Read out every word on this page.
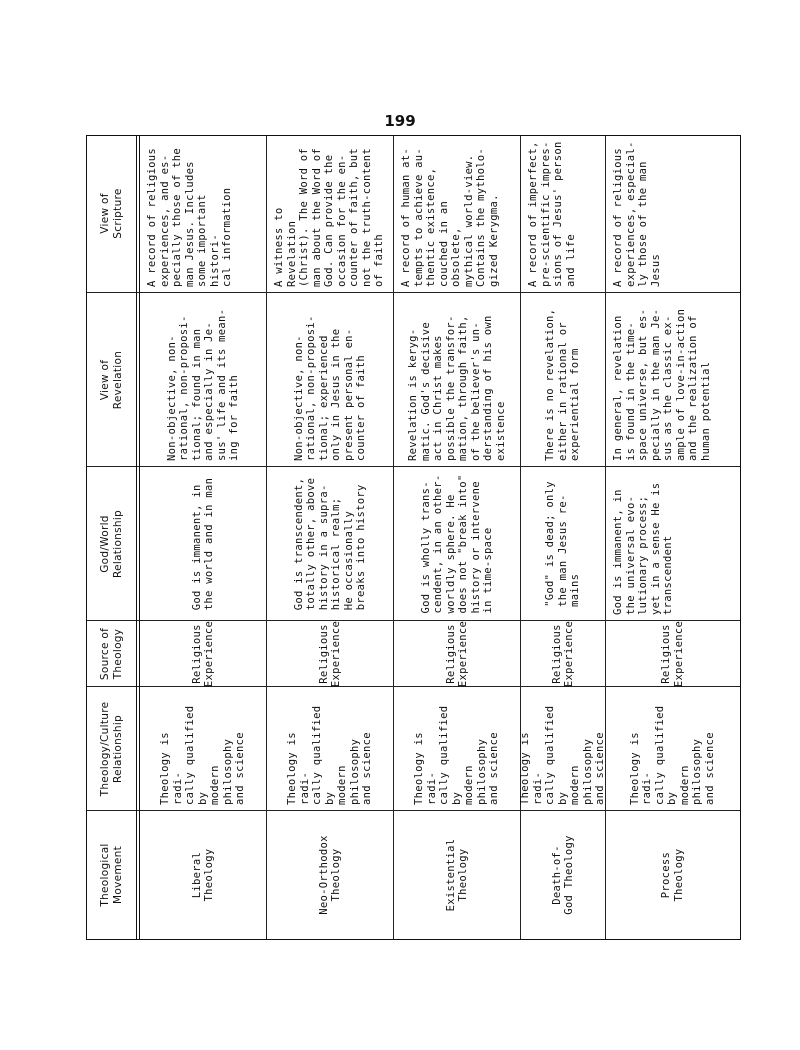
199
Theological
Movement
Theology/Culture
Relationship
Source of
Theology
God/World
Relationship
View of
Revelation
View of
Scripture
Liberal
Theology
Theology is radi-
cally qualified by
modern philosophy
and science
Religious
Experience
God is immanent, in
the world and in man
Non-objective, non-
rational, non-proposi-
tional; found in man
and especially in Je-
sus' life and its mean-
ing for faith
A record of religious
experiences, and es-
pecially those of the
man Jesus. Includes
some important histori-
cal information
Neo-Orthodox
Theology
Theology is radi-
cally qualified by
modern philosophy
and science
Religious
Experience
God is transcendent,
totally other, above
history in a supra-
historical realm;
He occasionally
breaks into history
Non-objective, non-
rational, non-proposi-
tional; experienced
only in Jesus in the
present personal en-
counter of faith
A witness to Revelation
(Christ). The Word of
man about the Word of
God. Can provide the
occasion for the en-
counter of faith, but
not the truth-content
of faith
Existential
Theology
Theology is radi-
cally qualified by
modern philosophy
and science
Religious
Experience
God is wholly trans-
cendent, in an other-
worldly sphere. He
does not "break into"
history or intervene
in time-space
Revelation is keryg-
matic. God's decisive
act in Christ makes
possible the transfor-
mation, through faith,
of the believer's un-
derstanding of his own
existence
A record of human at-
tempts to achieve au-
thentic existence,
couched in an obsolete,
mythical world-view.
Contains the mytholo-
gized Kerygma.
Death-of-
God Theology
Theology is radi-
cally qualified by
modern philosophy
and science
Religious
Experience
"God" is dead; only
the man Jesus re-
mains
There is no revelation,
either in rational or
experiential form
A record of imperfect,
pre-scientific impres-
sions of Jesus' person
and life
Process
Theology
Theology is radi-
cally qualified by
modern philosophy
and science
Religious
Experience
God is immanent, in
the universal evo-
lutionary process;
yet in a sense He is
transcendent
In general, revelation
is found in the time-
space universe, but es-
pecially in the man Je-
sus as the classic ex-
ample of love-in-action
and the realization of
human potential
A record of religious
experiences, especial-
ly those of the man
Jesus
